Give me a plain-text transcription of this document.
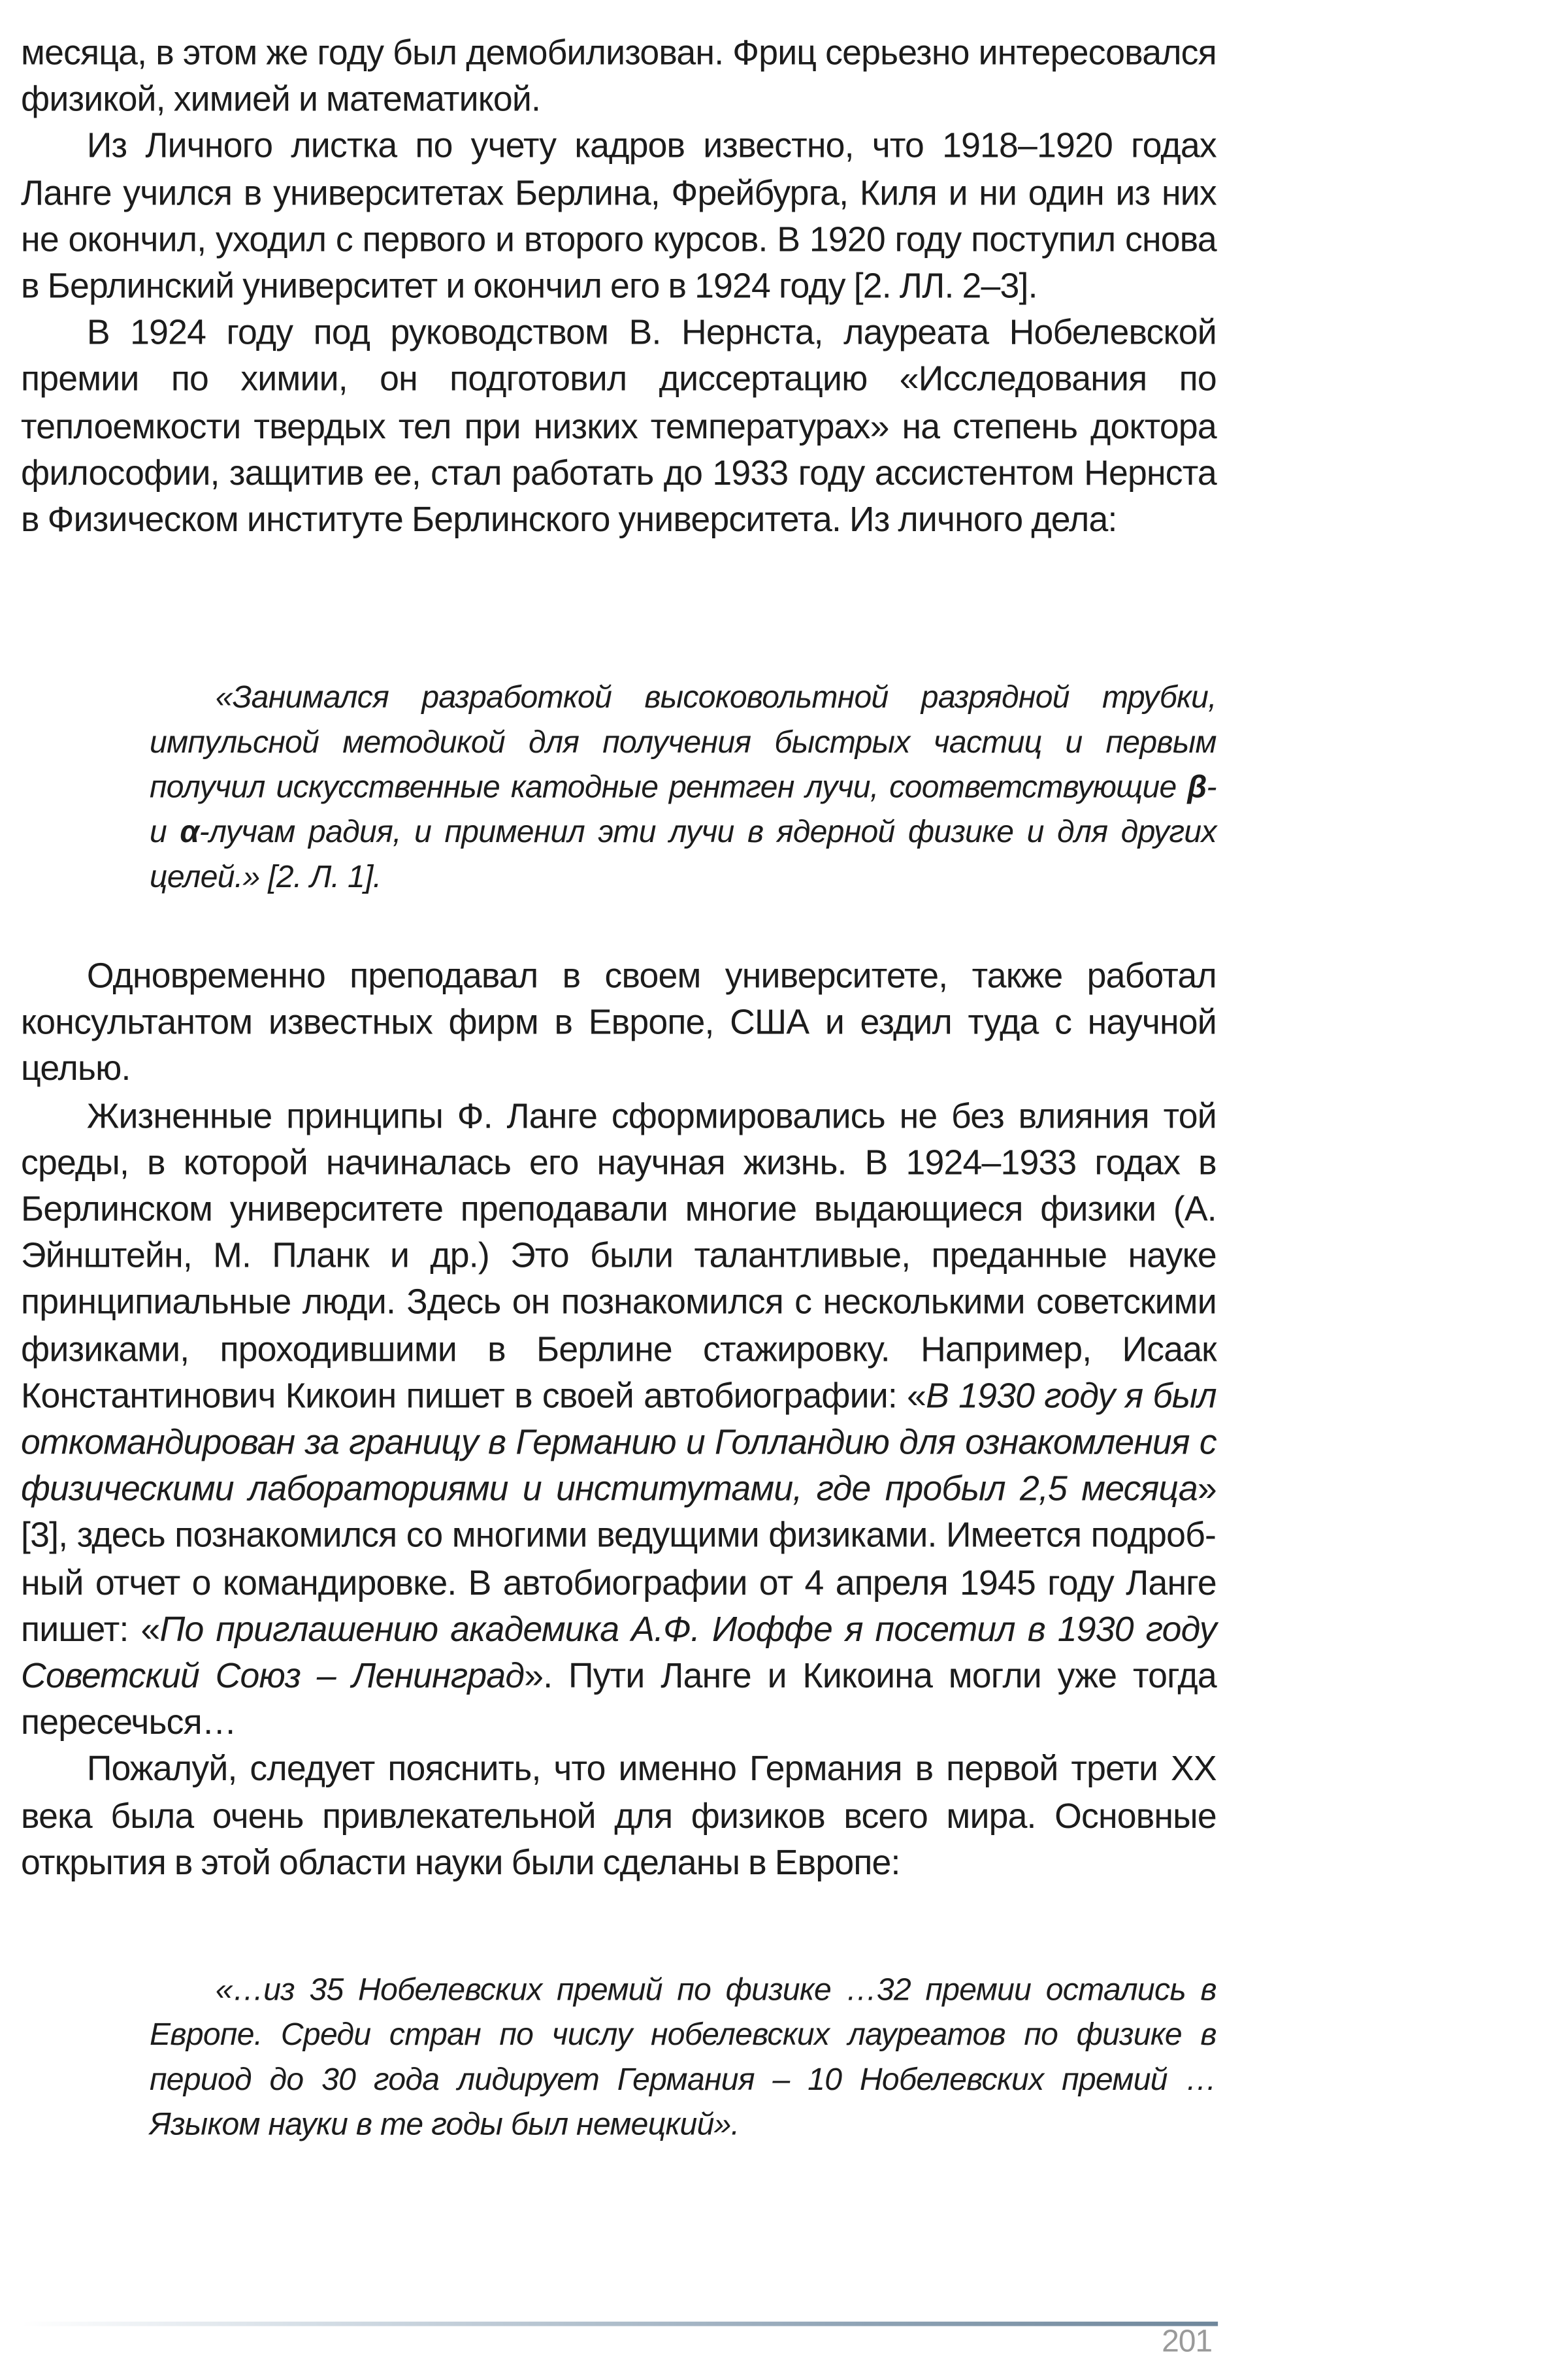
месяца, в этом же году был демобилизован. Фриц серьезно интересовался физикой, химией и математикой.

Из Личного листка по учету кадров известно, что 1918–1920 годах Ланге учился в университетах Берлина, Фрейбурга, Киля и ни один из них не окончил, уходил с первого и второго курсов. В 1920 году поступил снова в Берлинский университет и окончил его в 1924 году [2. ЛЛ. 2–3].

В 1924 году под руководством В. Нернста, лауреата Нобелевской премии по химии, он подготовил диссертацию «Исследования по теплоемкости твердых тел при низких температурах» на степень доктора философии, защитив ее, стал работать до 1933 году ассистентом Нернста в Физическом институте Берлинского университета. Из личного дела:

«Занимался разработкой высоковольтной разрядной трубки, импульсной методикой для получения быстрых частиц и первым получил искусственные катодные рентген лучи, соответствующие β- и α-лучам радия, и применил эти лучи в ядерной физике и для других целей.» [2. Л. 1].

Одновременно преподавал в своем университете, также работал консультантом известных фирм в Европе, США и ездил туда с научной целью.

Жизненные принципы Ф. Ланге сформировались не без влияния той среды, в которой начиналась его научная жизнь. В 1924–1933 годах в Берлинском университете преподавали многие выдающиеся физики (А. Эйнштейн, М. Планк и др.) Это были талантливые, преданные науке принципиальные люди. Здесь он познакомился с несколькими советскими физиками, проходившими в Берлине стажировку. Например, Исаак Константинович Кикоин пишет в своей автобиографии: «В 1930 году я был откомандирован за границу в Германию и Голландию для ознакомления с физическими лабораториями и институтами, где пробыл 2,5 месяца» [3], здесь познакомился со многими ведущими физиками. Имеется подробный отчет о командировке. В автобиографии от 4 апреля 1945 году Ланге пишет: «По приглашению академика А.Ф. Иоффе я посетил в 1930 году Советский Союз – Ленинград». Пути Ланге и Кикоина могли уже тогда пересечься…

Пожалуй, следует пояснить, что именно Германия в первой трети XX века была очень привлекательной для физиков всего мира. Основные открытия в этой области науки были сделаны в Европе:

«…из 35 Нобелевских премий по физике …32 премии остались в Европе. Среди стран по числу нобелевских лауреатов по физике в период до 30 года лидирует Германия – 10 Нобелевских премий … Языком науки в те годы был немецкий».

201
